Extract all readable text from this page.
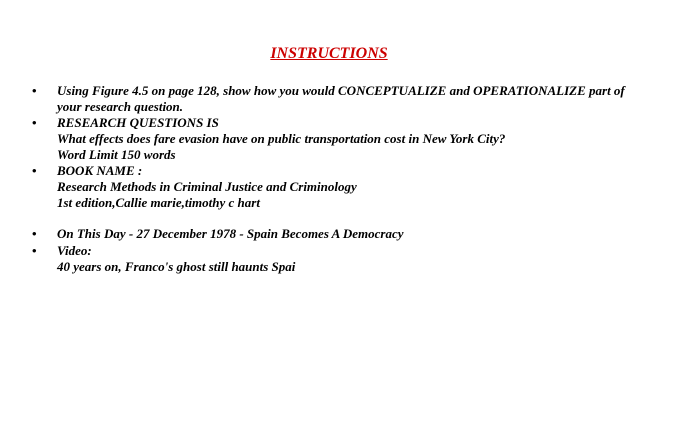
INSTRUCTIONS
• Using Figure 4.5 on page 128, show how you would CONCEPTUALIZE and OPERATIONALIZE part of
your research question.
• RESEARCH QUESTIONS IS
What effects does fare evasion have on public transportation cost in New York City?
Word Limit 150 words
• BOOK NAME :
Research Methods in Criminal Justice and Criminology
1st edition,Callie marie,timothy c hart
• On This Day - 27 December 1978 - Spain Becomes A Democracy
• Video:
40 years on, Franco's ghost still haunts Spai
